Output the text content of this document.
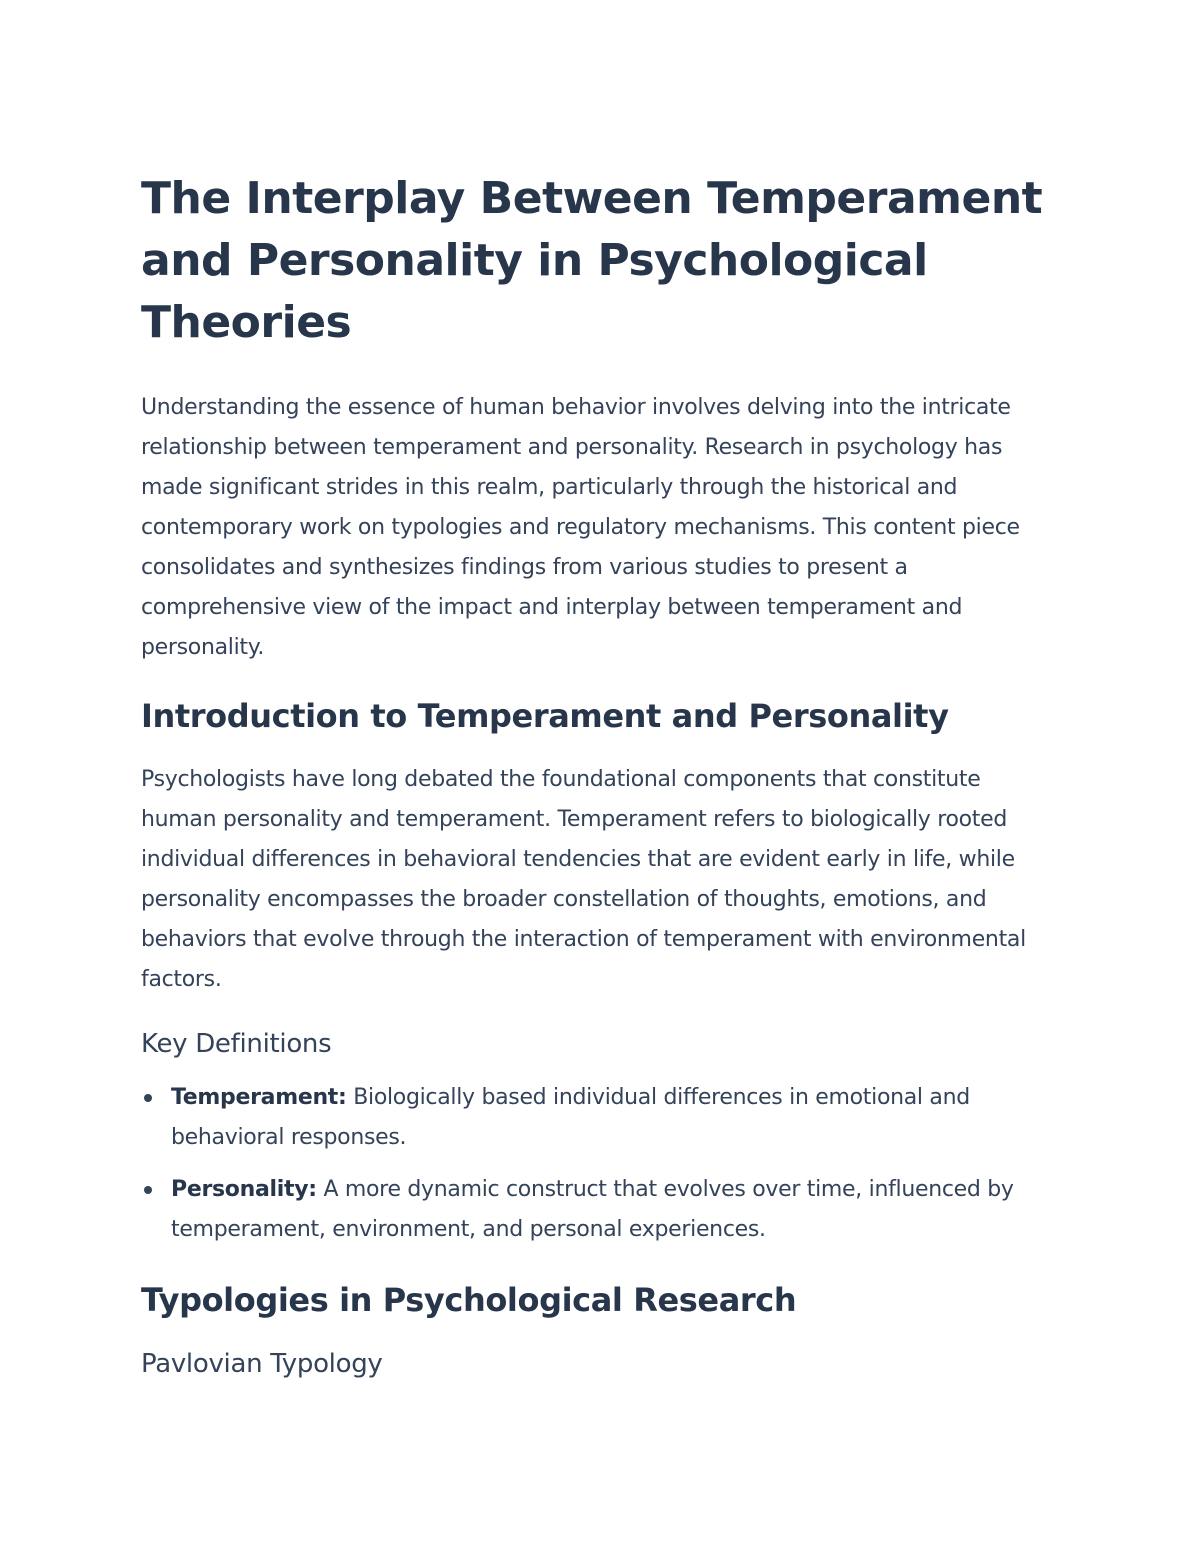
The Interplay Between Temperament and Personality in Psychological Theories

Understanding the essence of human behavior involves delving into the intricate relationship between temperament and personality. Research in psychology has made significant strides in this realm, particularly through the historical and contemporary work on typologies and regulatory mechanisms. This content piece consolidates and synthesizes findings from various studies to present a comprehensive view of the impact and interplay between temperament and personality.

Introduction to Temperament and Personality

Psychologists have long debated the foundational components that constitute human personality and temperament. Temperament refers to biologically rooted individual differences in behavioral tendencies that are evident early in life, while personality encompasses the broader constellation of thoughts, emotions, and behaviors that evolve through the interaction of temperament with environmental factors.

Key Definitions
Temperament: Biologically based individual differences in emotional and behavioral responses.
Personality: A more dynamic construct that evolves over time, influenced by temperament, environment, and personal experiences.
Typologies in Psychological Research
Pavlovian Typology
